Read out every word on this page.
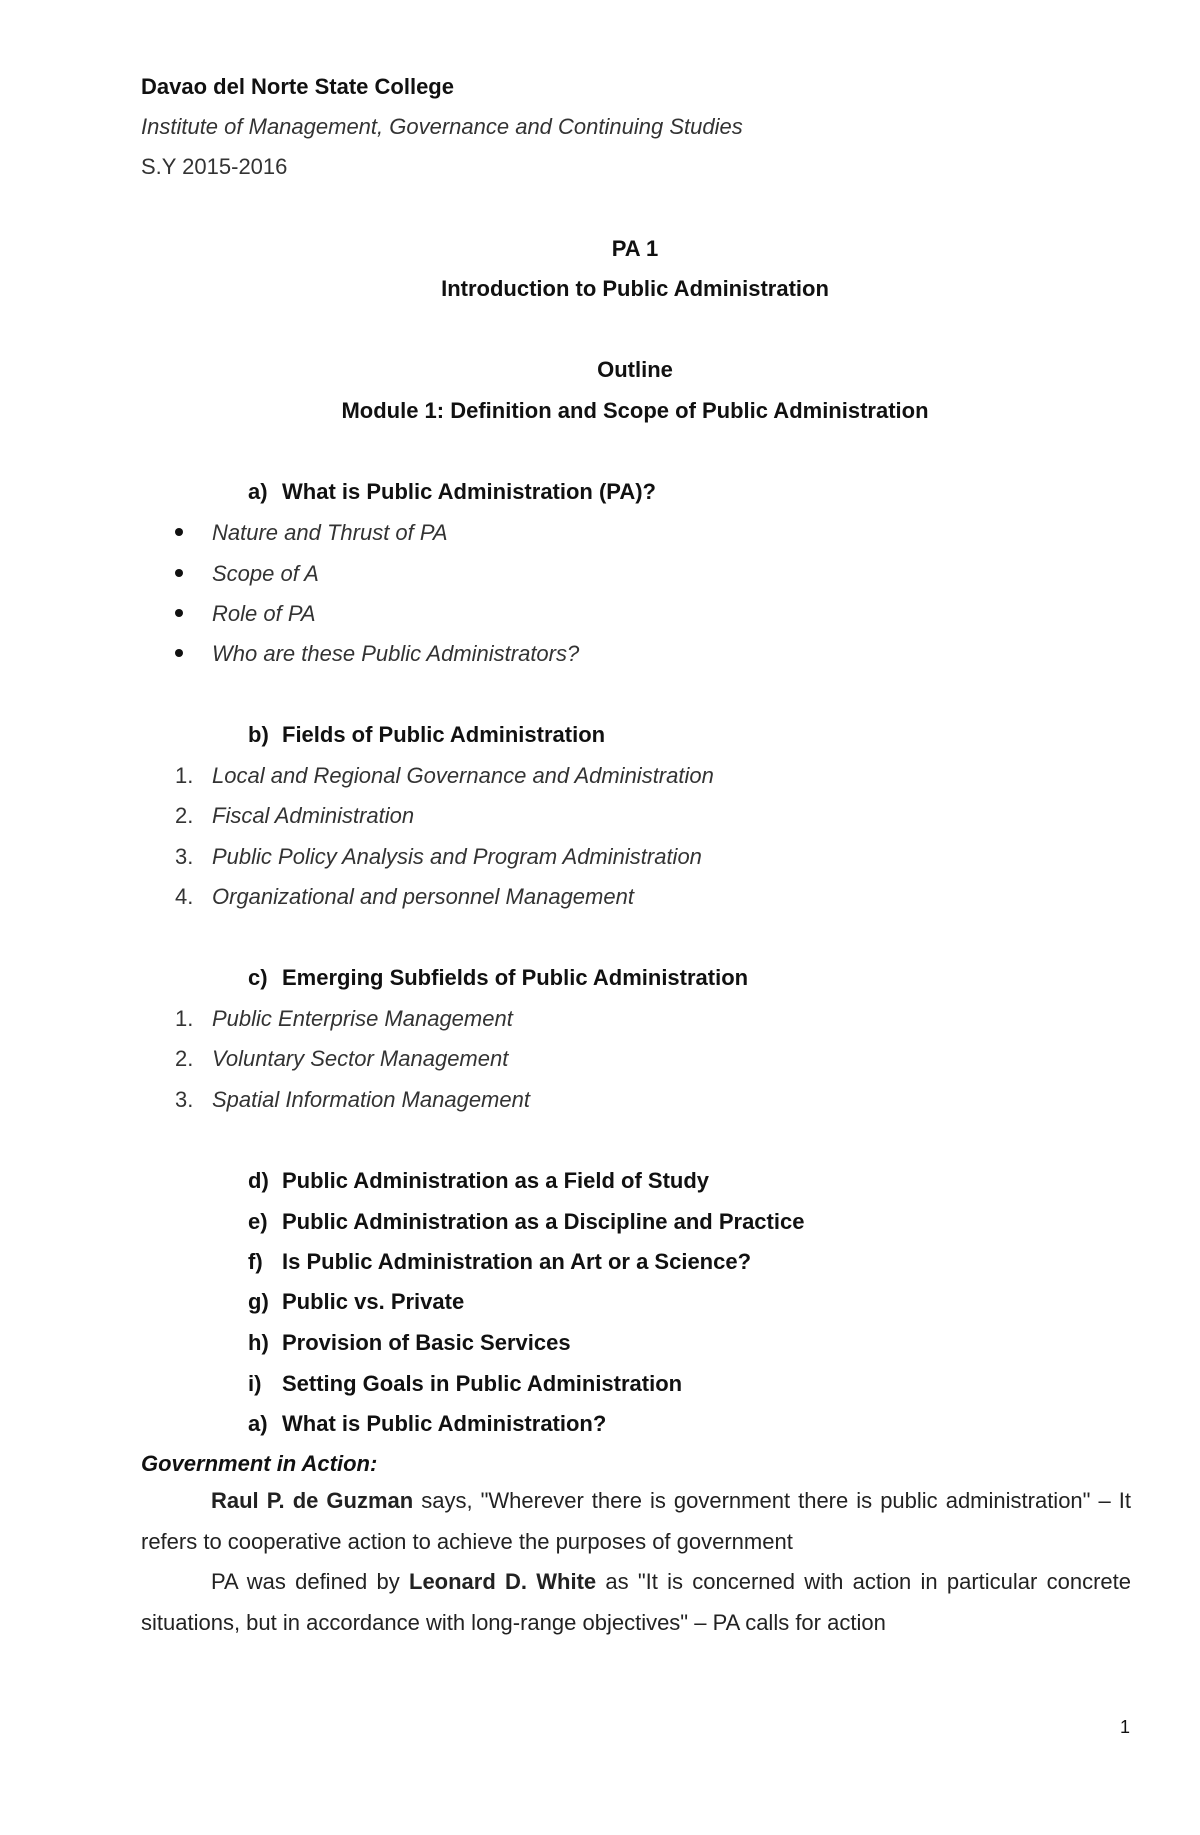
Davao del Norte State College
Institute of Management, Governance and Continuing Studies
S.Y 2015-2016
PA 1
Introduction to Public Administration
Outline
Module 1: Definition and Scope of Public Administration
a) What is Public Administration (PA)?
Nature and Thrust of PA
Scope of A
Role of PA
Who are these Public Administrators?
b) Fields of Public Administration
1. Local and Regional Governance and Administration
2. Fiscal Administration
3. Public Policy Analysis and Program Administration
4. Organizational and personnel Management
c) Emerging Subfields of Public Administration
1. Public Enterprise Management
2. Voluntary Sector Management
3. Spatial Information Management
d) Public Administration as a Field of Study
e) Public Administration as a Discipline and Practice
f) Is Public Administration an Art or a Science?
g) Public vs. Private
h) Provision of Basic Services
i) Setting Goals in Public Administration
a) What is Public Administration?
Government in Action:
Raul P. de Guzman says, "Wherever there is government there is public administration" – It refers to cooperative action to achieve the purposes of government
PA was defined by Leonard D. White as "It is concerned with action in particular concrete situations, but in accordance with long-range objectives" – PA calls for action
1
